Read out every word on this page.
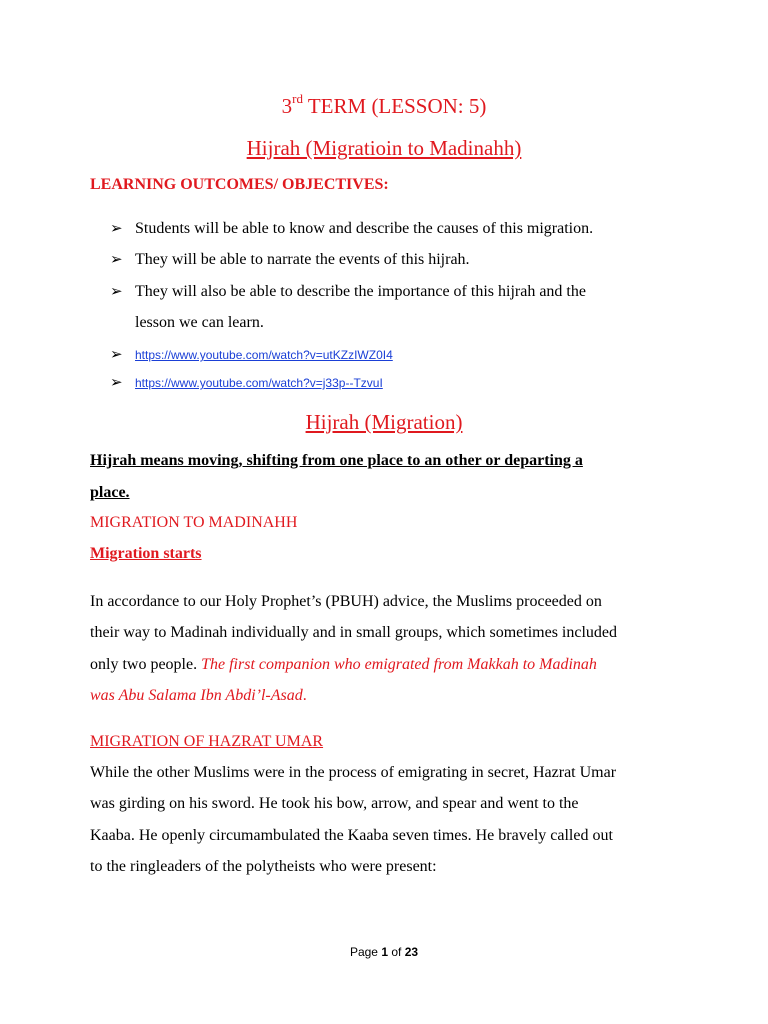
3rd TERM (LESSON: 5)
Hijrah (Migratioin to Madinahh)
LEARNING OUTCOMES/ OBJECTIVES:
➢ Students will be able to know and describe the causes of this migration.
➢ They will be able to narrate the events of this hijrah.
➢ They will also be able to describe the importance of this hijrah and the
lesson we can learn.
➢ https://www.youtube.com/watch?v=utKZzIWZ0I4
➢ https://www.youtube.com/watch?v=j33p--TzvuI
Hijrah (Migration)
Hijrah means moving, shifting from one place to an other or departing a
place.
MIGRATION TO MADINAHH
Migration starts
In accordance to our Holy Prophet’s (PBUH) advice, the Muslims proceeded on
their way to Madinah individually and in small groups, which sometimes included
only two people. The first companion who emigrated from Makkah to Madinah
was Abu Salama Ibn Abdi’l-Asad.
MIGRATION OF HAZRAT UMAR
While the other Muslims were in the process of emigrating in secret, Hazrat Umar
was girding on his sword. He took his bow, arrow, and spear and went to the
Kaaba. He openly circumambulated the Kaaba seven times. He bravely called out
to the ringleaders of the polytheists who were present:
Page 1 of 23
